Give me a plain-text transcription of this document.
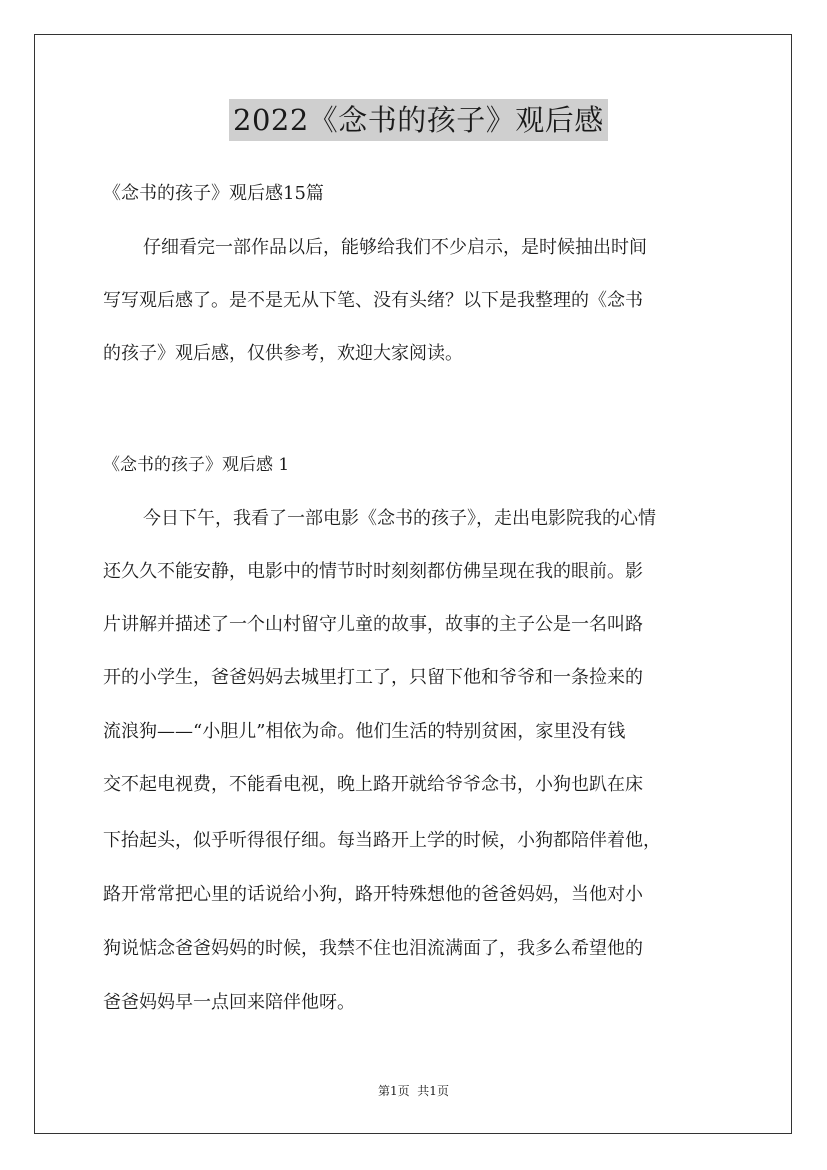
2022《念书的孩子》观后感

《念书的孩子》观后感15篇

仔细看完一部作品以后，能够给我们不少启示，是时候抽出时间

写写观后感了。是不是无从下笔、没有头绪？以下是我整理的《念书

的孩子》观后感，仅供参考，欢迎大家阅读。

《念书的孩子》观后感 1

今日下午，我看了一部电影《念书的孩子》，走出电影院我的心情

还久久不能安静，电影中的情节时时刻刻都仿佛呈现在我的眼前。影

片讲解并描述了一个山村留守儿童的故事，故事的主子公是一名叫路

开的小学生，爸爸妈妈去城里打工了，只留下他和爷爷和一条捡来的

流浪狗——“小胆儿”相依为命。他们生活的特别贫困，家里没有钱

交不起电视费，不能看电视，晚上路开就给爷爷念书，小狗也趴在床

下抬起头，似乎听得很仔细。每当路开上学的时候，小狗都陪伴着他，

路开常常把心里的话说给小狗，路开特殊想他的爸爸妈妈，当他对小

狗说惦念爸爸妈妈的时候，我禁不住也泪流满面了，我多么希望他的

爸爸妈妈早一点回来陪伴他呀。

第1页  共1页
